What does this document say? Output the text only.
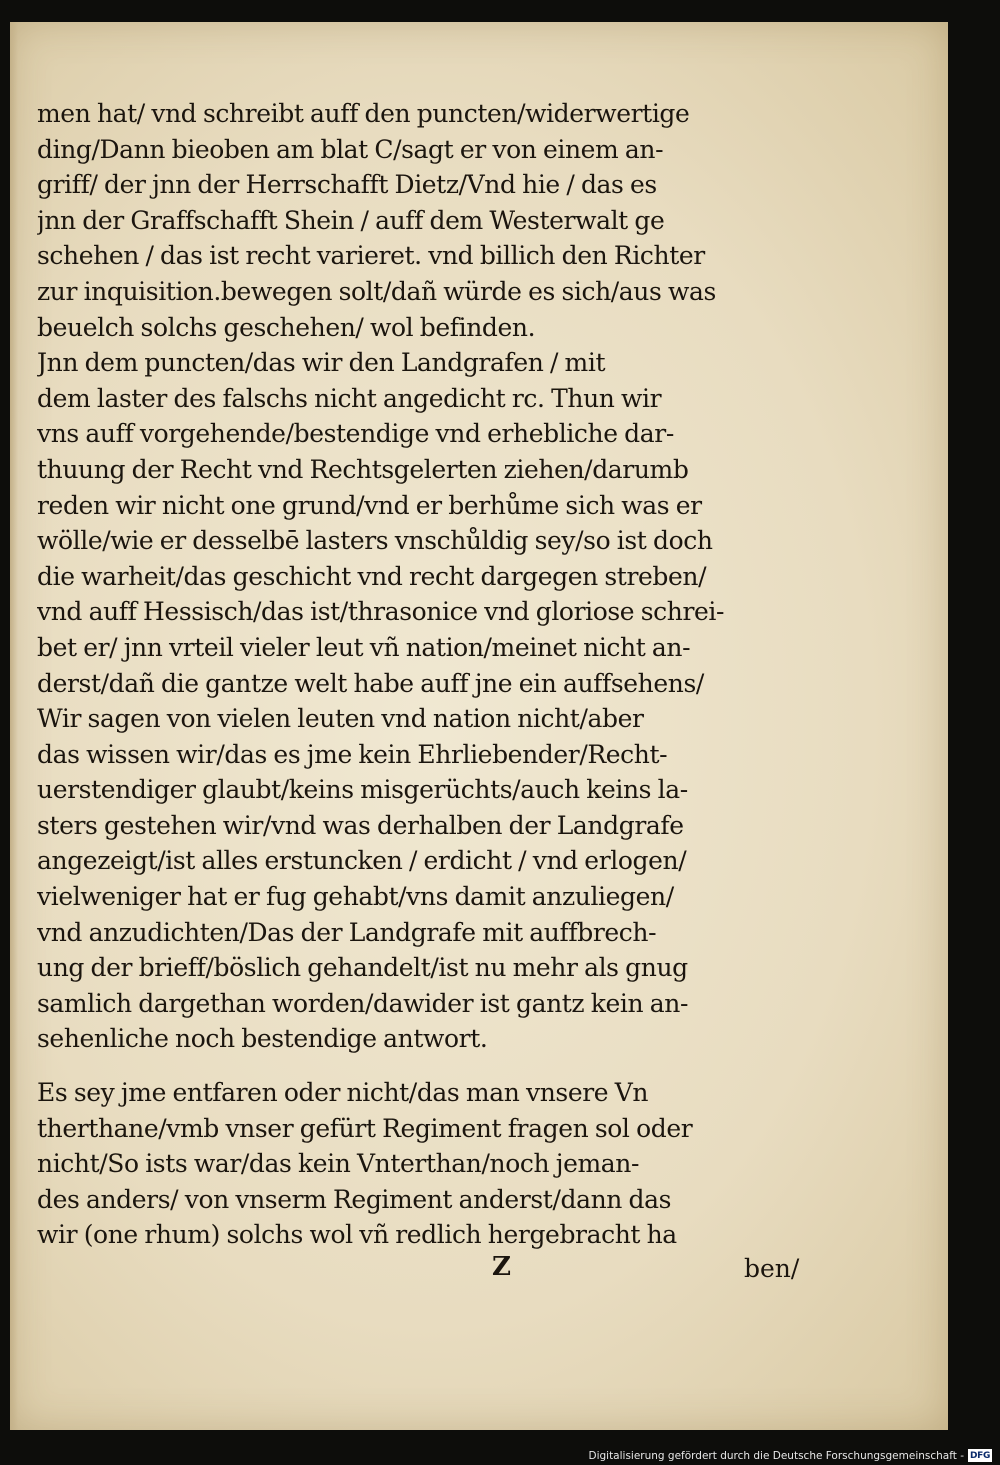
men hat/ vnd schreibt auff den puncten/widerwertige
ding/Dann bieoben am blat C/sagt er von einem an-
griff/ der jnn der Herrschafft Dietz/Vnd hie / das es
jnn der Graffschafft Shein / auff dem Westerwalt ge
schehen / das ist recht varieret. vnd billich den Richter
zur inquisition.bewegen solt/dañ würde es sich/aus was
beuelch solchs geschehen/ wol befinden.
Jnn dem puncten/das wir den Landgrafen / mit
dem laster des falschs nicht angedicht rc. Thun wir
vns auff vorgehende/bestendige vnd erhebliche dar-
thuung der Recht vnd Rechtsgelerten ziehen/darumb
reden wir nicht one grund/vnd er berhůme sich was er
wölle/wie er desselbē lasters vnschůldig sey/so ist doch
die warheit/das geschicht vnd recht dargegen streben/
vnd auff Hessisch/das ist/thrasonice vnd gloriose schrei-
bet er/ jnn vrteil vieler leut vñ nation/meinet nicht an-
derst/dañ die gantze welt habe auff jne ein auffsehens/
Wir sagen von vielen leuten vnd nation nicht/aber
das wissen wir/das es jme kein Ehrliebender/Recht-
uerstendiger glaubt/keins misgerüchts/auch keins la-
sters gestehen wir/vnd was derhalben der Landgrafe
angezeigt/ist alles erstuncken / erdicht / vnd erlogen/
vielweniger hat er fug gehabt/vns damit anzuliegen/
vnd anzudichten/Das der Landgrafe mit auffbrech-
ung der brieff/böslich gehandelt/ist nu mehr als gnug
samlich dargethan worden/dawider ist gantz kein an-
sehenliche noch bestendige antwort.
Es sey jme entfaren oder nicht/das man vnsere Vn
therthane/vmb vnser gefürt Regiment fragen sol oder
nicht/So ists war/das kein Vnterthan/noch jeman-
des anders/ von vnserm Regiment anderst/dann das
wir (one rhum) solchs wol vñ redlich hergebracht ha
Z	ben/
Digitalisierung gefördert durch die Deutsche Forschungsgemeinschaft - DFG
